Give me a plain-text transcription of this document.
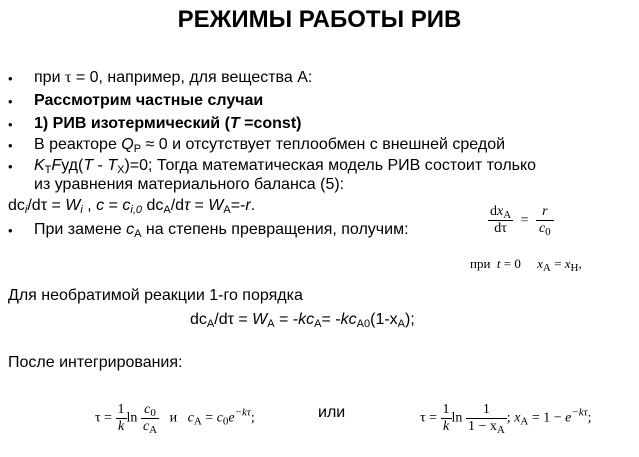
РЕЖИМЫ РАБОТЫ РИВ
• при τ = 0, например, для вещества А:
• Рассмотрим частные случаи
• 1) РИВ изотермический (T =const)
• В реакторе $Q_Р \approx 0$ и отсутствует теплообмен с внешней средой
• $K_ТFуд(T - T_Х)=0$; Тогда математическая модель РИВ состоит только
из уравнения материального баланса (5):
$dc_i/d\tau = W_i$ , $c = c_{i,0}$ $dc_A/d\tau = W_A=-r$.
• При замене $c_A$ на степень превращения, получим:	$\frac{dx_A}{d\tau} = \frac{r}{c_0}$
при t = 0 $x_A = x_Н$,
Для необратимой реакции 1-го порядка
$dc_A/d\tau = W_A = -kc_A= -kc_{A0}(1-x_A)$;
После интегрирования:
$\tau = \frac{1}{k}$ $\ln \frac{c_0}{c_A}$ и $c_A = c_0e^{-k\tau}$;	или	$\tau = \frac{1}{k}$ $\ln \frac{1}{1 - x_A}$ ; $x_A = 1 - e^{-k\tau}$;
